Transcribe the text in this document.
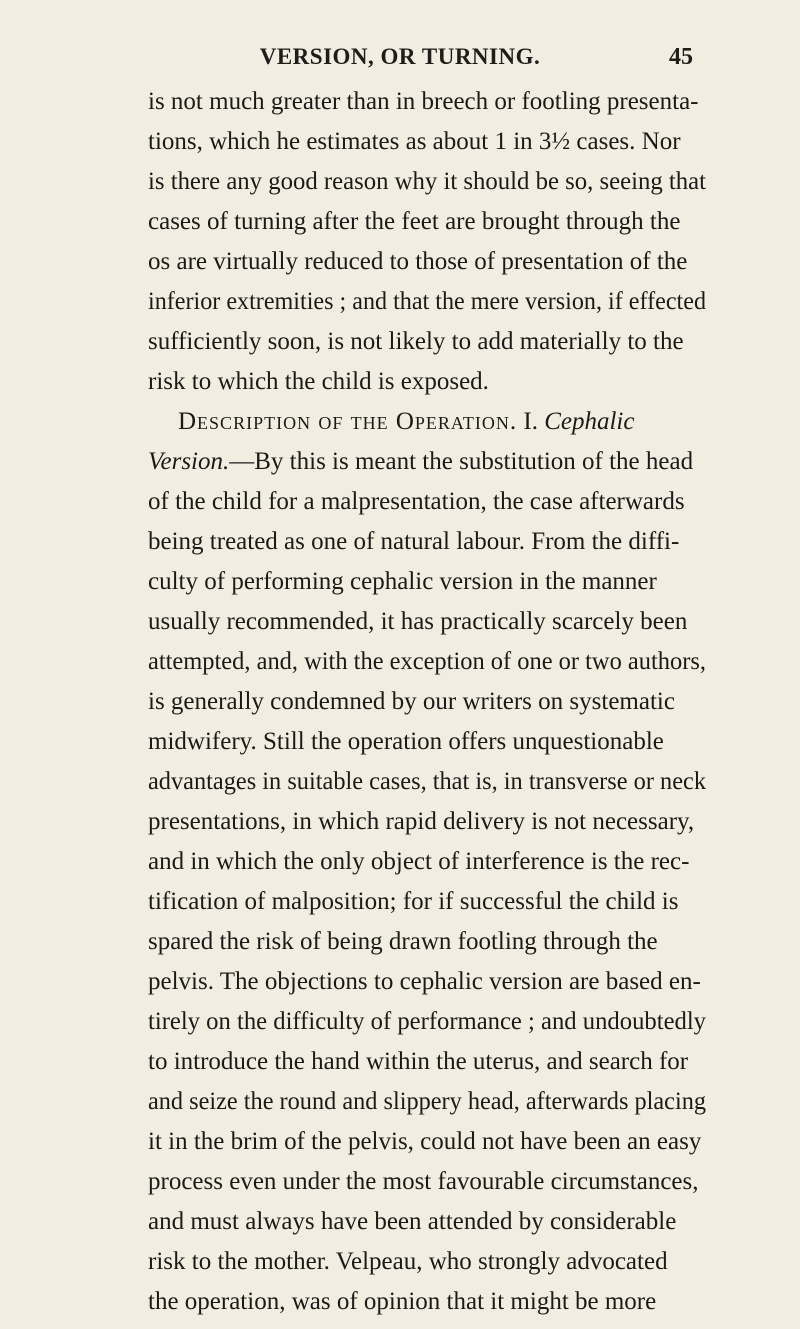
VERSION, OR TURNING.	45
is not much greater than in breech or footling presenta-
tions, which he estimates as about 1 in 3½ cases. Nor
is there any good reason why it should be so, seeing that
cases of turning after the feet are brought through the
os are virtually reduced to those of presentation of the
inferior extremities ; and that the mere version, if effected
sufficiently soon, is not likely to add materially to the
risk to which the child is exposed.
Description of the Operation. I. Cephalic
Version.—By this is meant the substitution of the head
of the child for a malpresentation, the case afterwards
being treated as one of natural labour. From the diffi-
culty of performing cephalic version in the manner
usually recommended, it has practically scarcely been
attempted, and, with the exception of one or two authors,
is generally condemned by our writers on systematic
midwifery. Still the operation offers unquestionable
advantages in suitable cases, that is, in transverse or neck
presentations, in which rapid delivery is not necessary,
and in which the only object of interference is the rec-
tification of malposition; for if successful the child is
spared the risk of being drawn footling through the
pelvis. The objections to cephalic version are based en-
tirely on the difficulty of performance ; and undoubtedly
to introduce the hand within the uterus, and search for
and seize the round and slippery head, afterwards placing
it in the brim of the pelvis, could not have been an easy
process even under the most favourable circumstances,
and must always have been attended by considerable
risk to the mother. Velpeau, who strongly advocated
the operation, was of opinion that it might be more
